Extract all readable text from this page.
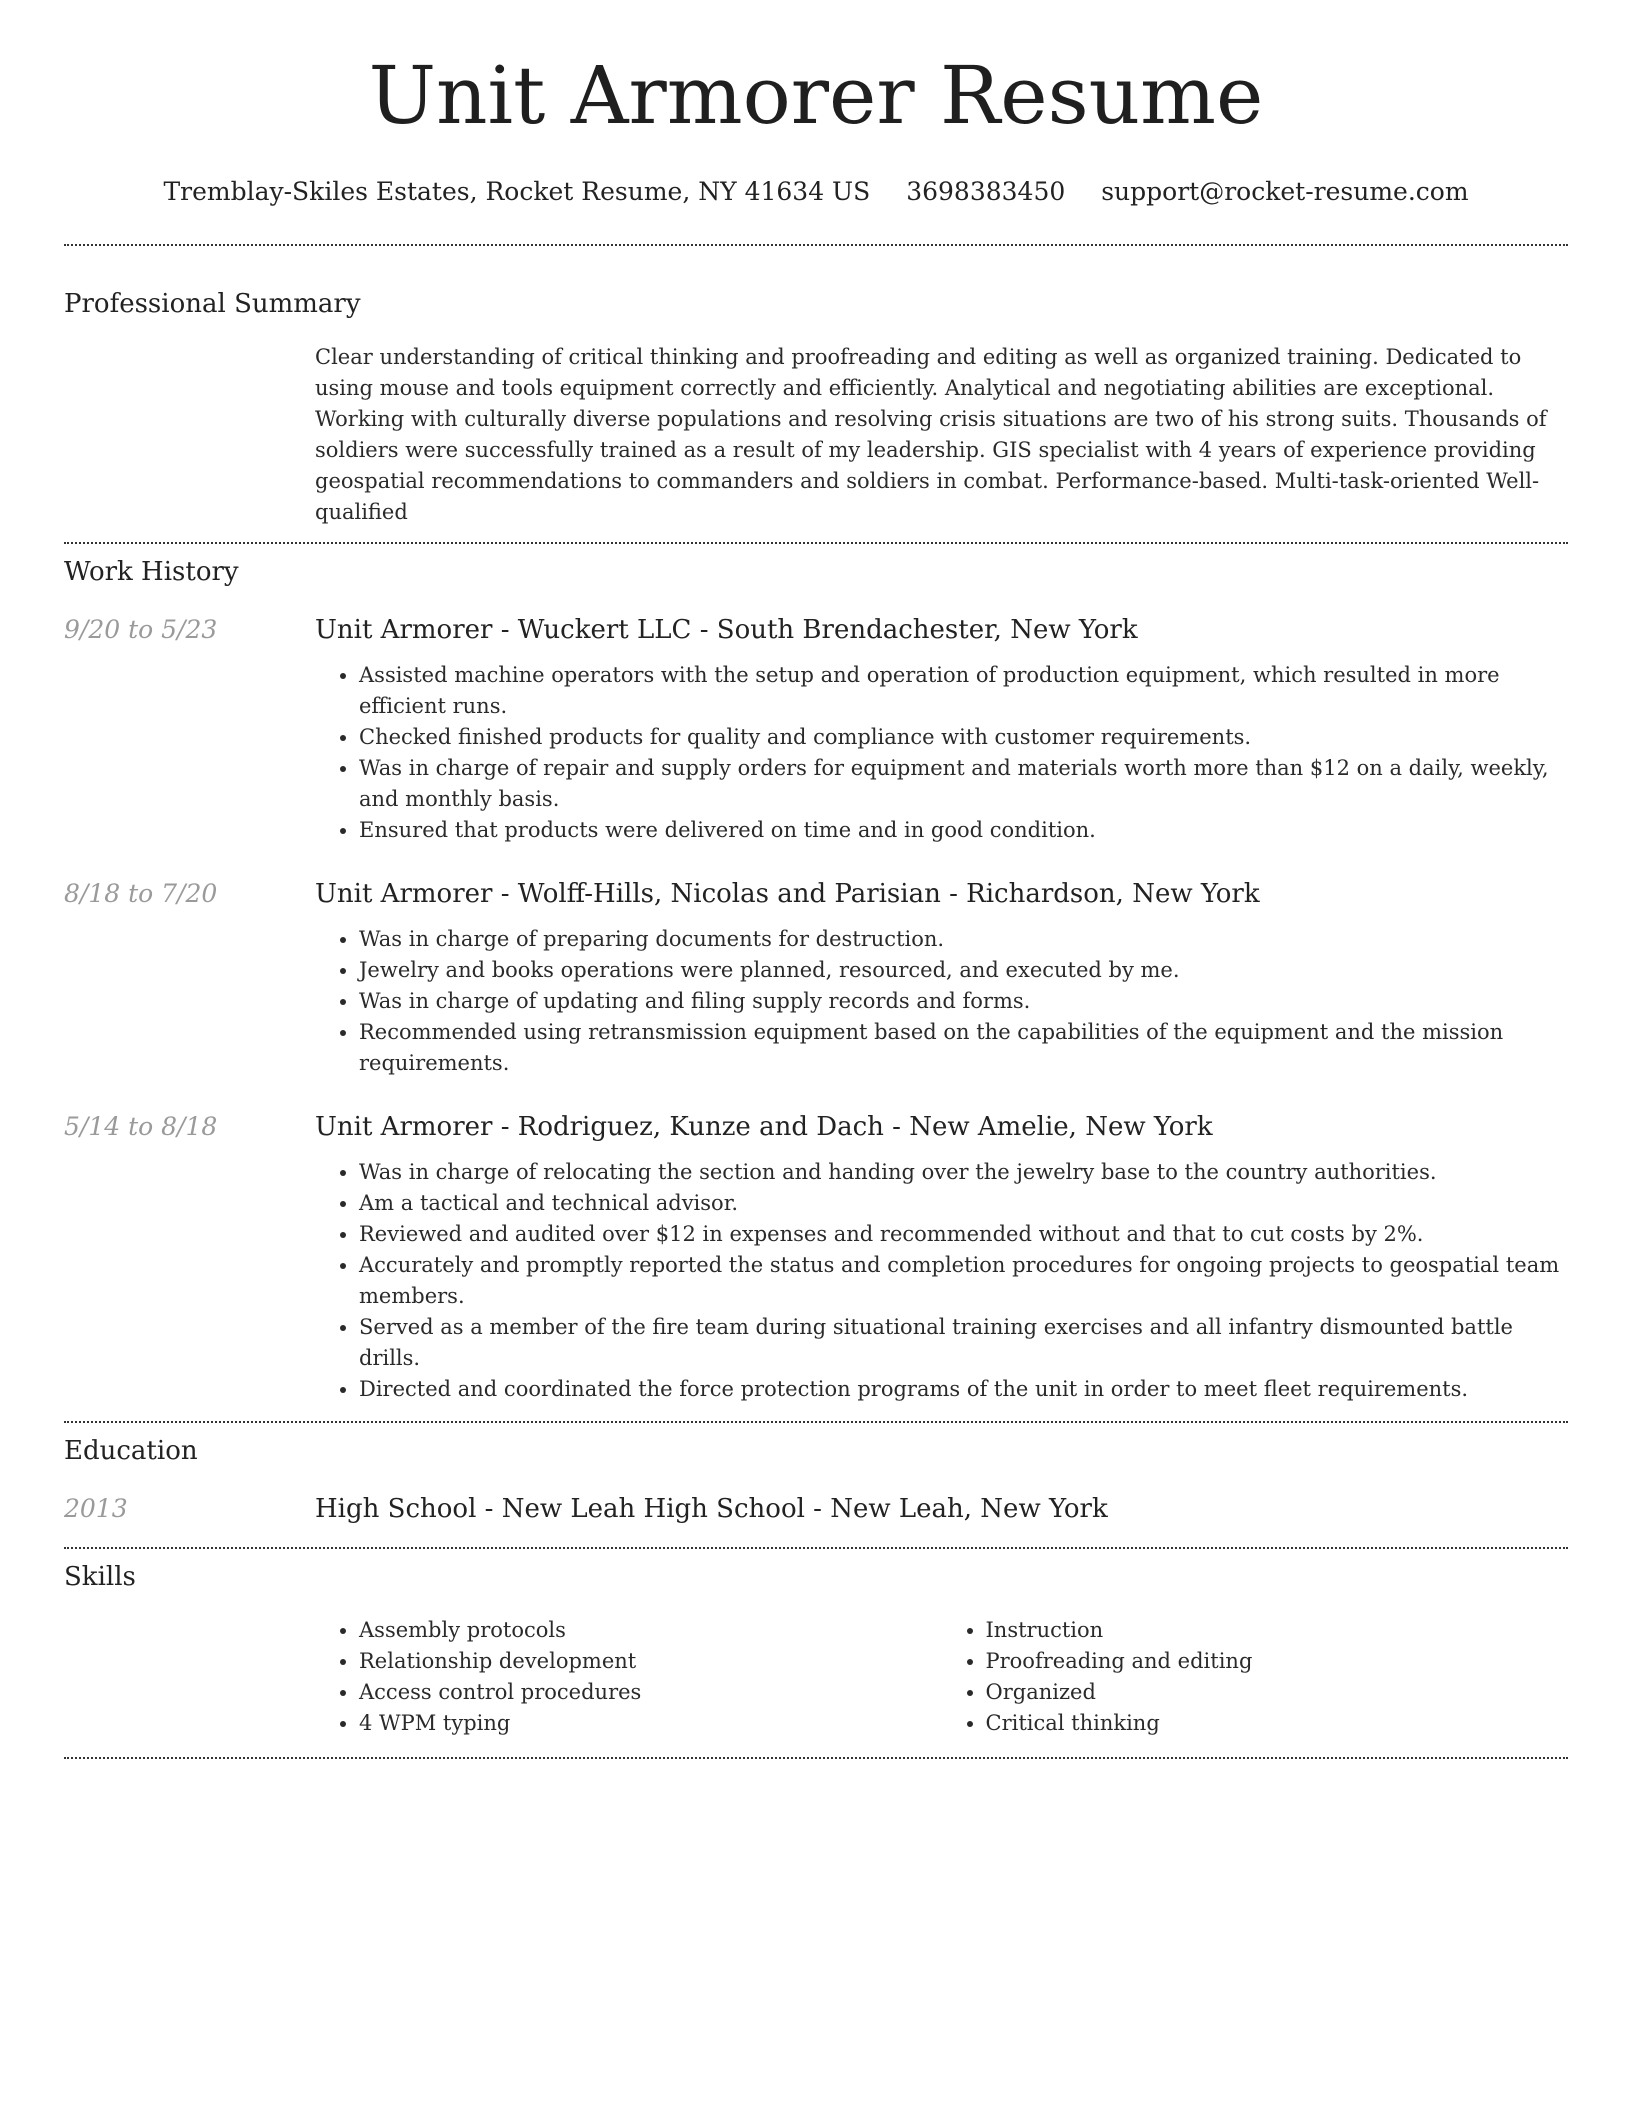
Unit Armorer Resume
Tremblay-Skiles Estates, Rocket Resume, NY 41634 US 3698383450 support@rocket-resume.com
Professional Summary
Clear understanding of critical thinking and proofreading and editing as well as organized training. Dedicated to using mouse and tools equipment correctly and efficiently. Analytical and negotiating abilities are exceptional. Working with culturally diverse populations and resolving crisis situations are two of his strong suits. Thousands of soldiers were successfully trained as a result of my leadership. GIS specialist with 4 years of experience providing geospatial recommendations to commanders and soldiers in combat. Performance-based. Multi-task-oriented Well-qualified
Work History
9/20 to 5/23	Unit Armorer - Wuckert LLC - South Brendachester, New York
• Assisted machine operators with the setup and operation of production equipment, which resulted in more efficient runs.
• Checked finished products for quality and compliance with customer requirements.
• Was in charge of repair and supply orders for equipment and materials worth more than $12 on a daily, weekly, and monthly basis.
• Ensured that products were delivered on time and in good condition.
8/18 to 7/20	Unit Armorer - Wolff-Hills, Nicolas and Parisian - Richardson, New York
• Was in charge of preparing documents for destruction.
• Jewelry and books operations were planned, resourced, and executed by me.
• Was in charge of updating and filing supply records and forms.
• Recommended using retransmission equipment based on the capabilities of the equipment and the mission requirements.
5/14 to 8/18	Unit Armorer - Rodriguez, Kunze and Dach - New Amelie, New York
• Was in charge of relocating the section and handing over the jewelry base to the country authorities.
• Am a tactical and technical advisor.
• Reviewed and audited over $12 in expenses and recommended without and that to cut costs by 2%.
• Accurately and promptly reported the status and completion procedures for ongoing projects to geospatial team members.
• Served as a member of the fire team during situational training exercises and all infantry dismounted battle drills.
• Directed and coordinated the force protection programs of the unit in order to meet fleet requirements.
Education
2013	High School - New Leah High School - New Leah, New York
Skills
• Assembly protocols
• Relationship development
• Access control procedures
• 4 WPM typing
• Instruction
• Proofreading and editing
• Organized
• Critical thinking
